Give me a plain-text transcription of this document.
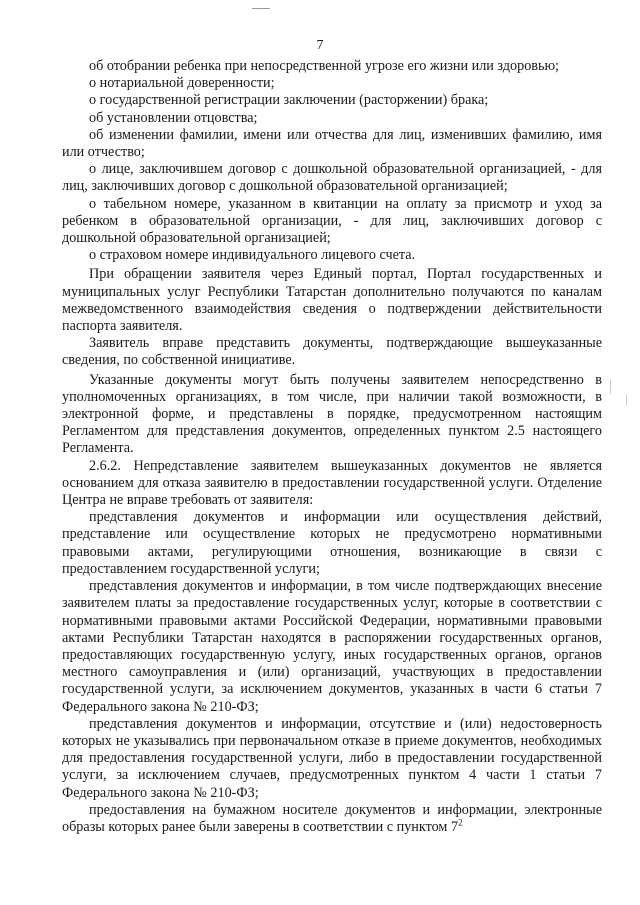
7

об отобрании ребенка при непосредственной угрозе его жизни или здоровью;

о нотариальной доверенности;

о государственной регистрации заключении (расторжении) брака;

об установлении отцовства;

об изменении фамилии, имени или отчества для лиц, изменивших фамилию, имя или отчество;

о лице, заключившем договор с дошкольной образовательной организацией, - для лиц, заключивших договор с дошкольной образовательной организацией;

о табельном номере, указанном в квитанции на оплату за присмотр и уход за ребенком в образовательной организации, - для лиц, заключивших договор с дошкольной образовательной организацией;

о страховом номере индивидуального лицевого счета.

При обращении заявителя через Единый портал, Портал государственных и муниципальных услуг Республики Татарстан дополнительно получаются по каналам межведомственного взаимодействия сведения о подтверждении действительности паспорта заявителя.

Заявитель вправе представить документы, подтверждающие вышеуказанные сведения, по собственной инициативе.

Указанные документы могут быть получены заявителем непосредственно в уполномоченных организациях, в том числе, при наличии такой возможности, в электронной форме, и представлены в порядке, предусмотренном настоящим Регламентом для представления документов, определенных пунктом 2.5 настоящего Регламента.

2.6.2. Непредставление заявителем вышеуказанных документов не является основанием для отказа заявителю в предоставлении государственной услуги. Отделение Центра не вправе требовать от заявителя:

представления документов и информации или осуществления действий, представление или осуществление которых не предусмотрено нормативными правовыми актами, регулирующими отношения, возникающие в связи с предоставлением государственной услуги;

представления документов и информации, в том числе подтверждающих внесение заявителем платы за предоставление государственных услуг, которые в соответствии с нормативными правовыми актами Российской Федерации, нормативными правовыми актами Республики Татарстан находятся в распоряжении государственных органов, предоставляющих государственную услугу, иных государственных органов, органов местного самоуправления и (или) организаций, участвующих в предоставлении государственной услуги, за исключением документов, указанных в части 6 статьи 7 Федерального закона № 210-ФЗ;

представления документов и информации, отсутствие и (или) недостоверность которых не указывались при первоначальном отказе в приеме документов, необходимых для предоставления государственной услуги, либо в предоставлении государственной услуги, за исключением случаев, предусмотренных пунктом 4 части 1 статьи 7 Федерального закона № 210-ФЗ;

предоставления на бумажном носителе документов и информации, электронные образы которых ранее были заверены в соответствии с пунктом $7^2$
